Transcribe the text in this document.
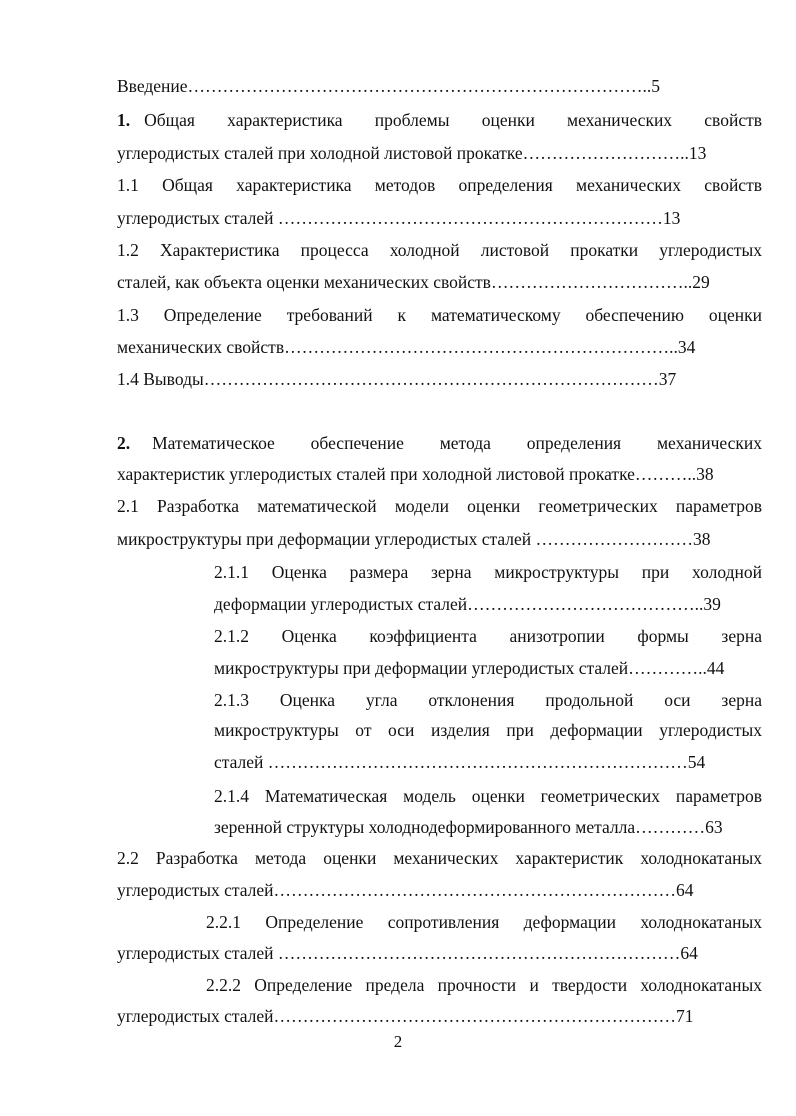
Введение……………………………………………………………………..5
1. Общая характеристика проблемы оценки механических свойств
углеродистых сталей при холодной листовой прокатке………………………..13
1.1 Общая характеристика методов определения механических свойств
углеродистых сталей …………………………………………………………13
1.2 Характеристика процесса холодной листовой прокатки углеродистых
сталей, как объекта оценки механических свойств……………………………..29
1.3 Определение требований к математическому обеспечению оценки
механических свойств…………………………………………………………..34
1.4 Выводы……………………………………………………………………37
2. Математическое обеспечение метода определения механических
характеристик углеродистых сталей при холодной листовой прокатке………..38
2.1 Разработка математической модели оценки геометрических параметров
микроструктуры при деформации углеродистых сталей ………………………38
2.1.1 Оценка размера зерна микроструктуры при холодной
деформации углеродистых сталей…………………………………..39
2.1.2 Оценка коэффициента анизотропии формы зерна
микроструктуры при деформации углеродистых сталей…………..44
2.1.3 Оценка угла отклонения продольной оси зерна
микроструктуры от оси изделия при деформации углеродистых
сталей ………………………………………………………………54
2.1.4 Математическая модель оценки геометрических параметров
зеренной структуры холоднодеформированного металла…………63
2.2 Разработка метода оценки механических характеристик холоднокатаных
углеродистых сталей……………………………………………………………64
2.2.1 Определение сопротивления деформации холоднокатаных
углеродистых сталей ……………………………………………………………64
2.2.2 Определение предела прочности и твердости холоднокатаных
углеродистых сталей……………………………………………………………71
2
